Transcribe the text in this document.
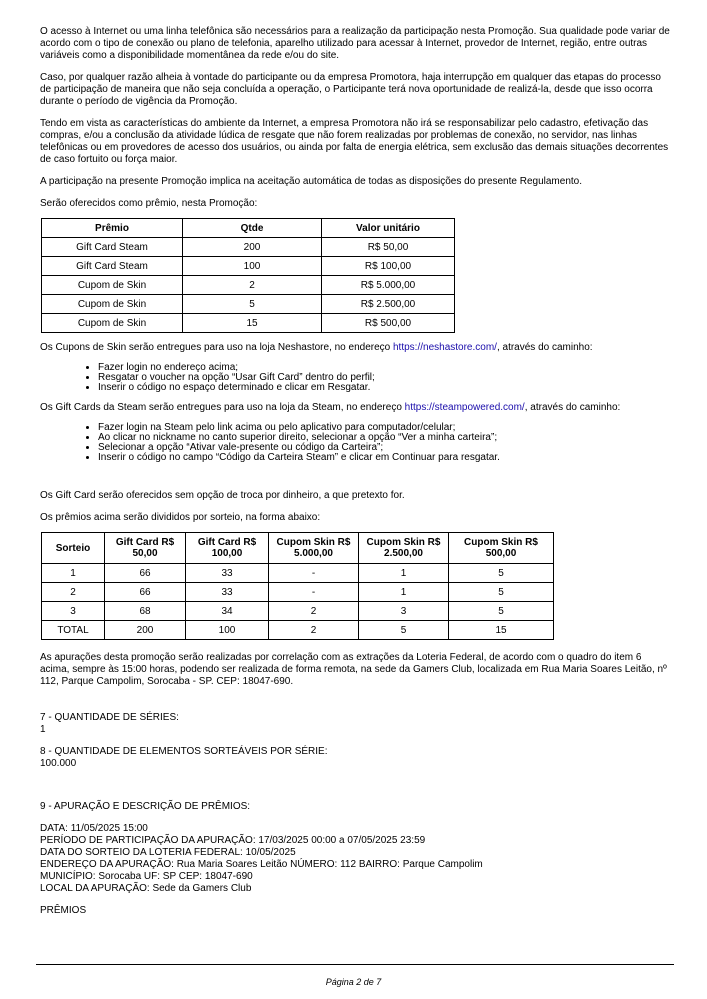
O acesso à Internet ou uma linha telefônica são necessários para a realização da participação nesta Promoção. Sua qualidade pode variar de acordo com o tipo de conexão ou plano de telefonia, aparelho utilizado para acessar à Internet, provedor de Internet, região, entre outras variáveis como a disponibilidade momentânea da rede e/ou do site.

Caso, por qualquer razão alheia à vontade do participante ou da empresa Promotora, haja interrupção em qualquer das etapas do processo de participação de maneira que não seja concluída a operação, o Participante terá nova oportunidade de realizá-la, desde que isso ocorra durante o período de vigência da Promoção.

Tendo em vista as características do ambiente da Internet, a empresa Promotora não irá se responsabilizar pelo cadastro, efetivação das compras, e/ou a conclusão da atividade lúdica de resgate que não forem realizadas por problemas de conexão, no servidor, nas linhas telefônicas ou em provedores de acesso dos usuários, ou ainda por falta de energia elétrica, sem exclusão das demais situações decorrentes de caso fortuito ou força maior.

A participação na presente Promoção implica na aceitação automática de todas as disposições do presente Regulamento.

Serão oferecidos como prêmio, nesta Promoção:

Prêmio	Qtde	Valor unitário
Gift Card Steam	200	R$ 50,00
Gift Card Steam	100	R$ 100,00
Cupom de Skin	2	R$ 5.000,00
Cupom de Skin	5	R$ 2.500,00
Cupom de Skin	15	R$ 500,00

Os Cupons de Skin serão entregues para uso na loja Neshastore, no endereço https://neshastore.com/, através do caminho:

• Fazer login no endereço acima;
• Resgatar o voucher na opção “Usar Gift Card” dentro do perfil;
• Inserir o código no espaço determinado e clicar em Resgatar.

Os Gift Cards da Steam serão entregues para uso na loja da Steam, no endereço https://steampowered.com/, através do caminho:

• Fazer login na Steam pelo link acima ou pelo aplicativo para computador/celular;
• Ao clicar no nickname no canto superior direito, selecionar a opção “Ver a minha carteira”;
• Selecionar a opção “Ativar vale-presente ou código da Carteira”;
• Inserir o código no campo “Código da Carteira Steam” e clicar em Continuar para resgatar.

Os Gift Card serão oferecidos sem opção de troca por dinheiro, a que pretexto for.

Os prêmios acima serão divididos por sorteio, na forma abaixo:

Sorteio	Gift Card R$ 50,00	Gift Card R$ 100,00	Cupom Skin R$ 5.000,00	Cupom Skin R$ 2.500,00	Cupom Skin R$ 500,00
1	66	33	-	1	5
2	66	33	-	1	5
3	68	34	2	3	5
TOTAL	200	100	2	5	15

As apurações desta promoção serão realizadas por correlação com as extrações da Loteria Federal, de acordo com o quadro do item 6 acima, sempre às 15:00 horas, podendo ser realizada de forma remota, na sede da Gamers Club, localizada em Rua Maria Soares Leitão, nº 112, Parque Campolim, Sorocaba - SP. CEP: 18047-690.

7 - QUANTIDADE DE SÉRIES:

1

8 - QUANTIDADE DE ELEMENTOS SORTEÁVEIS POR SÉRIE:

100.000

9 - APURAÇÃO E DESCRIÇÃO DE PRÊMIOS:

DATA: 11/05/2025 15:00

PERÍODO DE PARTICIPAÇÃO DA APURAÇÃO: 17/03/2025 00:00 a 07/05/2025 23:59

DATA DO SORTEIO DA LOTERIA FEDERAL: 10/05/2025

ENDEREÇO DA APURAÇÃO: Rua Maria Soares Leitão NÚMERO: 112 BAIRRO: Parque Campolim

MUNICÍPIO: Sorocaba UF: SP CEP: 18047-690

LOCAL DA APURAÇÃO: Sede da Gamers Club

PRÊMIOS

Página 2 de 7
